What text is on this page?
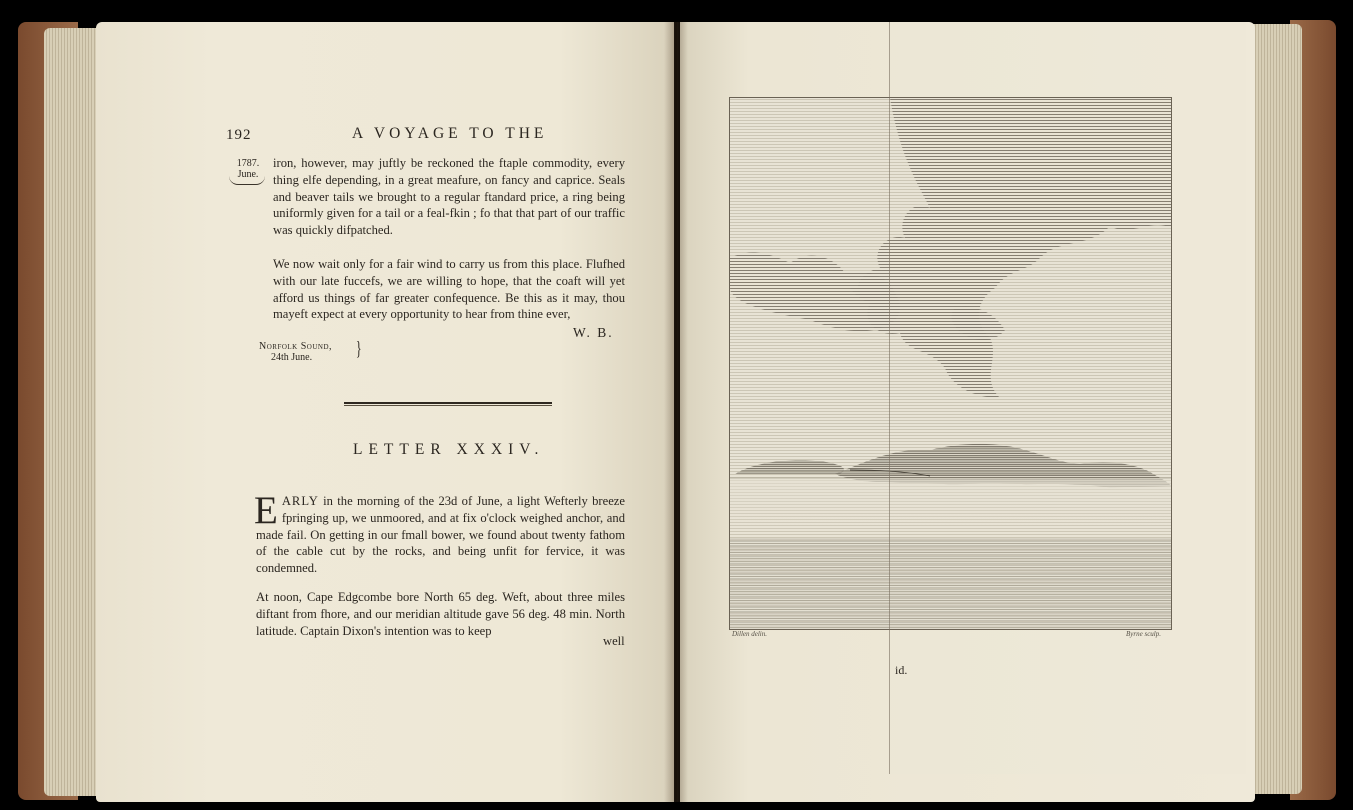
192	A VOYAGE TO THE
1787.
June.
iron, however, may juftly be reckoned the ftaple commodity, every thing elfe depending, in a great meafure, on fancy and caprice. Seals and beaver tails we brought to a regular ftandard price, a ring being uniformly given for a tail or a feal-fkin ; fo that that part of our traffic was quickly difpatched.
We now wait only for a fair wind to carry us from this place. Flufhed with our late fuccefs, we are willing to hope, that the coaft will yet afford us things of far greater confequence. Be this as it may, thou mayeft expect at every opportunity to hear from thine ever,
W. B.
Norfolk Sound,
24th June.	}
LETTER XXXIV.
EARLY in the morning of the 23d of June, a light Wefterly breeze fpringing up, we unmoored, and at fix o'clock weighed anchor, and made fail. On getting in our fmall bower, we found about twenty fathom of the cable cut by the rocks, and being unfit for fervice, it was condemned.
At noon, Cape Edgcombe bore North 65 deg. Weft, about three miles diftant from fhore, and our meridian altitude gave 56 deg. 48 min. North latitude. Captain Dixon's intention was to keep
well	Dillen delin.	Byrne sculp.
id.
